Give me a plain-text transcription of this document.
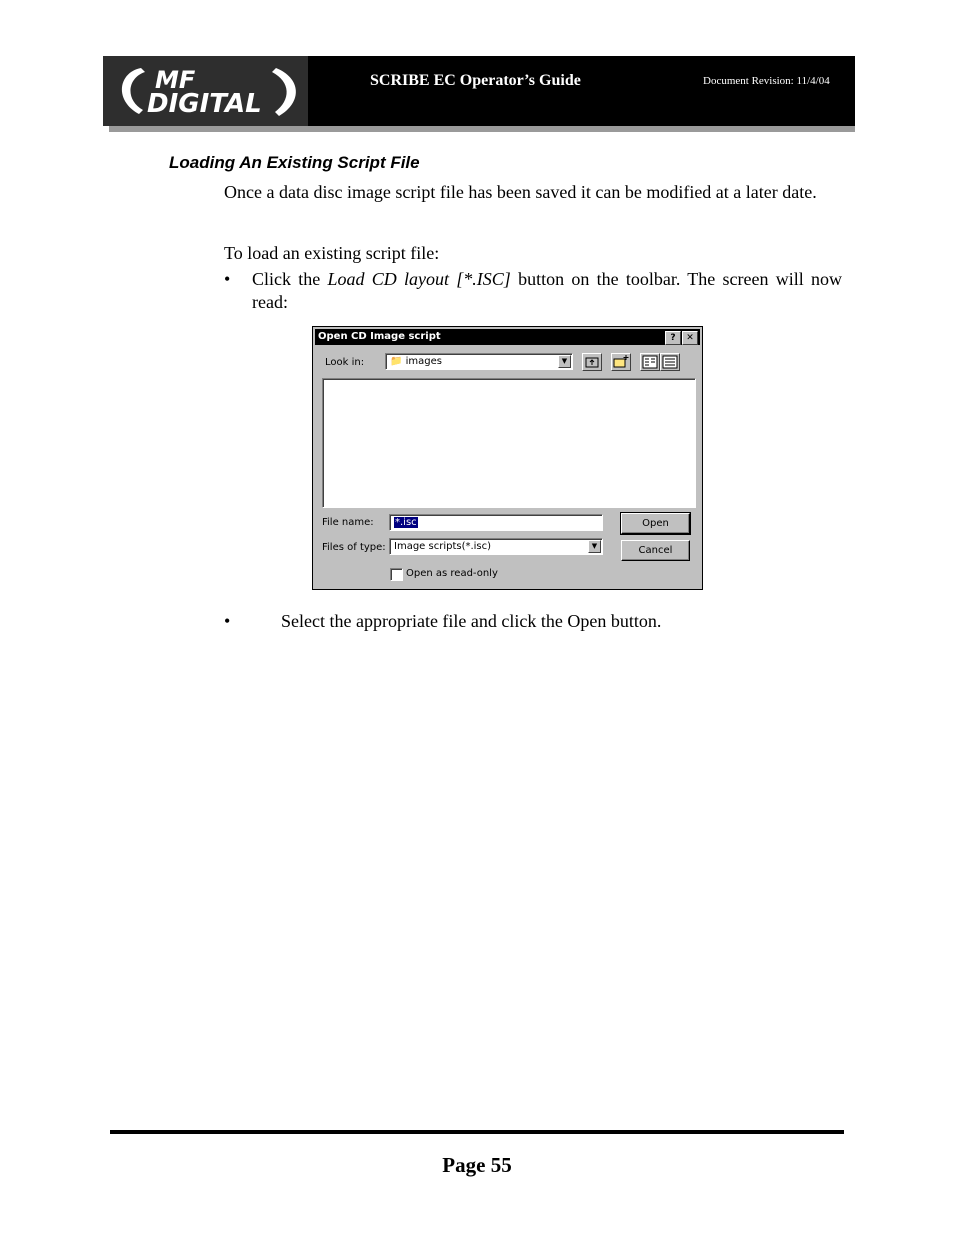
MF
DIGITAL
SCRIBE EC Operator’s Guide	Document Revision: 11/4/04
Loading An Existing Script File
Once a data disc image script file has been saved it can be modified at a later date.
To load an existing script file:
• Click the Load CD layout [*.ISC] button on the toolbar. The screen will now read:
Open CD Image script	?	✕
Look in:	📁 images	▼
File name:	*.isc	Open
Files of type: Image scripts(*.isc)	▼	Cancel
Open as read-only
•	Select the appropriate file and click the Open button.
Page 55
